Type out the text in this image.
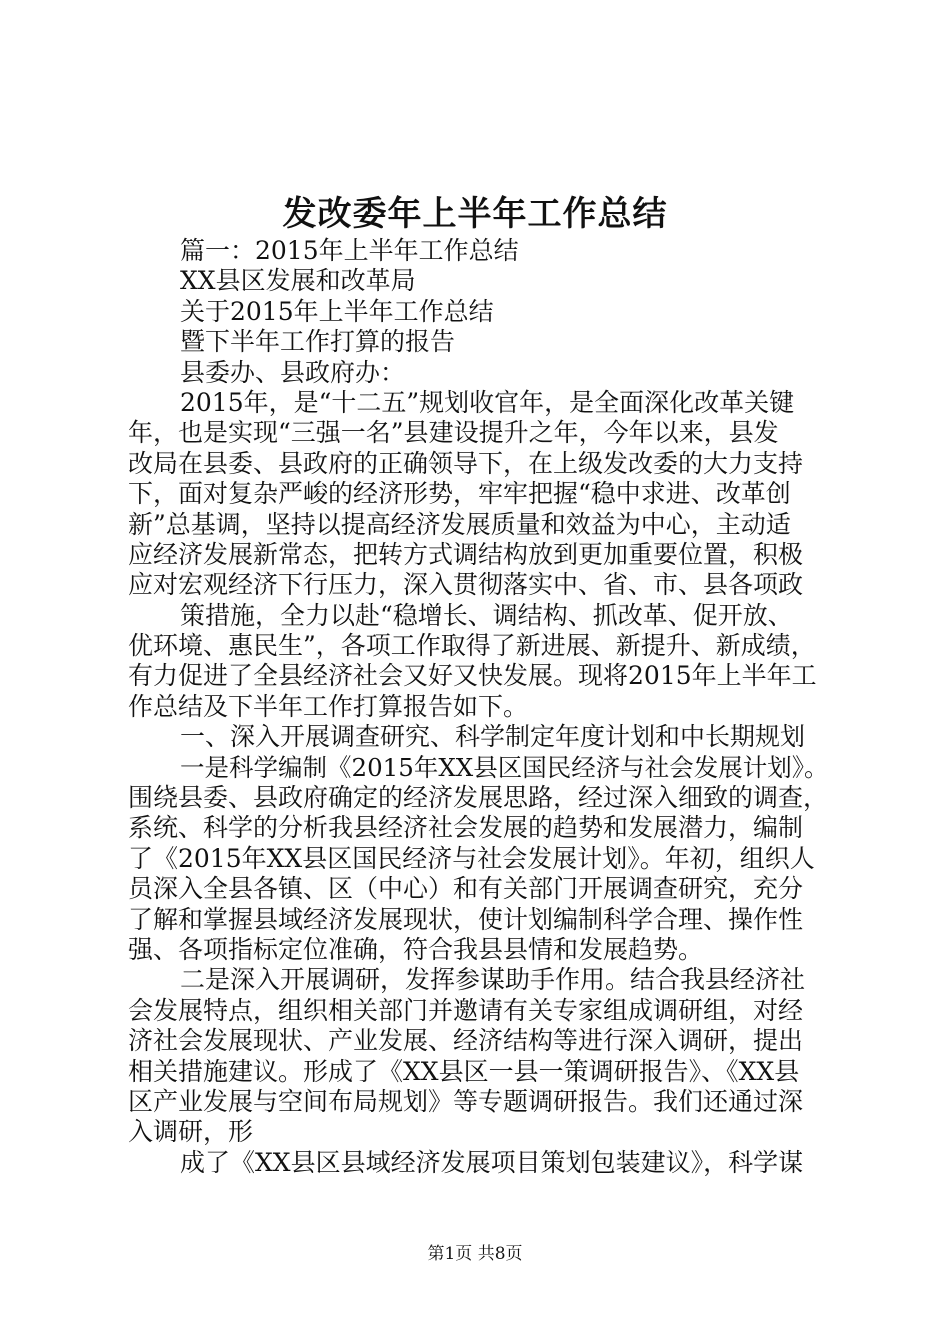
发改委年上半年工作总结
篇一：2015年上半年工作总结
XX县区发展和改革局
关于2015年上半年工作总结
暨下半年工作打算的报告
县委办、县政府办：
2015年，是“十二五”规划收官年，是全面深化改革关键
年，也是实现“三强一名”县建设提升之年，今年以来，县发
改局在县委、县政府的正确领导下，在上级发改委的大力支持
下，面对复杂严峻的经济形势，牢牢把握“稳中求进、改革创
新”总基调，坚持以提高经济发展质量和效益为中心，主动适
应经济发展新常态，把转方式调结构放到更加重要位置，积极
应对宏观经济下行压力，深入贯彻落实中、省、市、县各项政
策措施，全力以赴“稳增长、调结构、抓改革、促开放、
优环境、惠民生”，各项工作取得了新进展、新提升、新成绩，
有力促进了全县经济社会又好又快发展。现将2015年上半年工
作总结及下半年工作打算报告如下。
一、深入开展调查研究、科学制定年度计划和中长期规划
一是科学编制《2015年XX县区国民经济与社会发展计划》。
围绕县委、县政府确定的经济发展思路，经过深入细致的调查，
系统、科学的分析我县经济社会发展的趋势和发展潜力，编制
了《2015年XX县区国民经济与社会发展计划》。年初，组织人
员深入全县各镇、区（中心）和有关部门开展调查研究，充分
了解和掌握县域经济发展现状，使计划编制科学合理、操作性
强、各项指标定位准确，符合我县县情和发展趋势。
二是深入开展调研，发挥参谋助手作用。结合我县经济社
会发展特点，组织相关部门并邀请有关专家组成调研组，对经
济社会发展现状、产业发展、经济结构等进行深入调研，提出
相关措施建议。形成了《XX县区一县一策调研报告》、《XX县
区产业发展与空间布局规划》等专题调研报告。我们还通过深
入调研，形
成了《XX县区县域经济发展项目策划包装建议》，科学谋
第1页 共8页
